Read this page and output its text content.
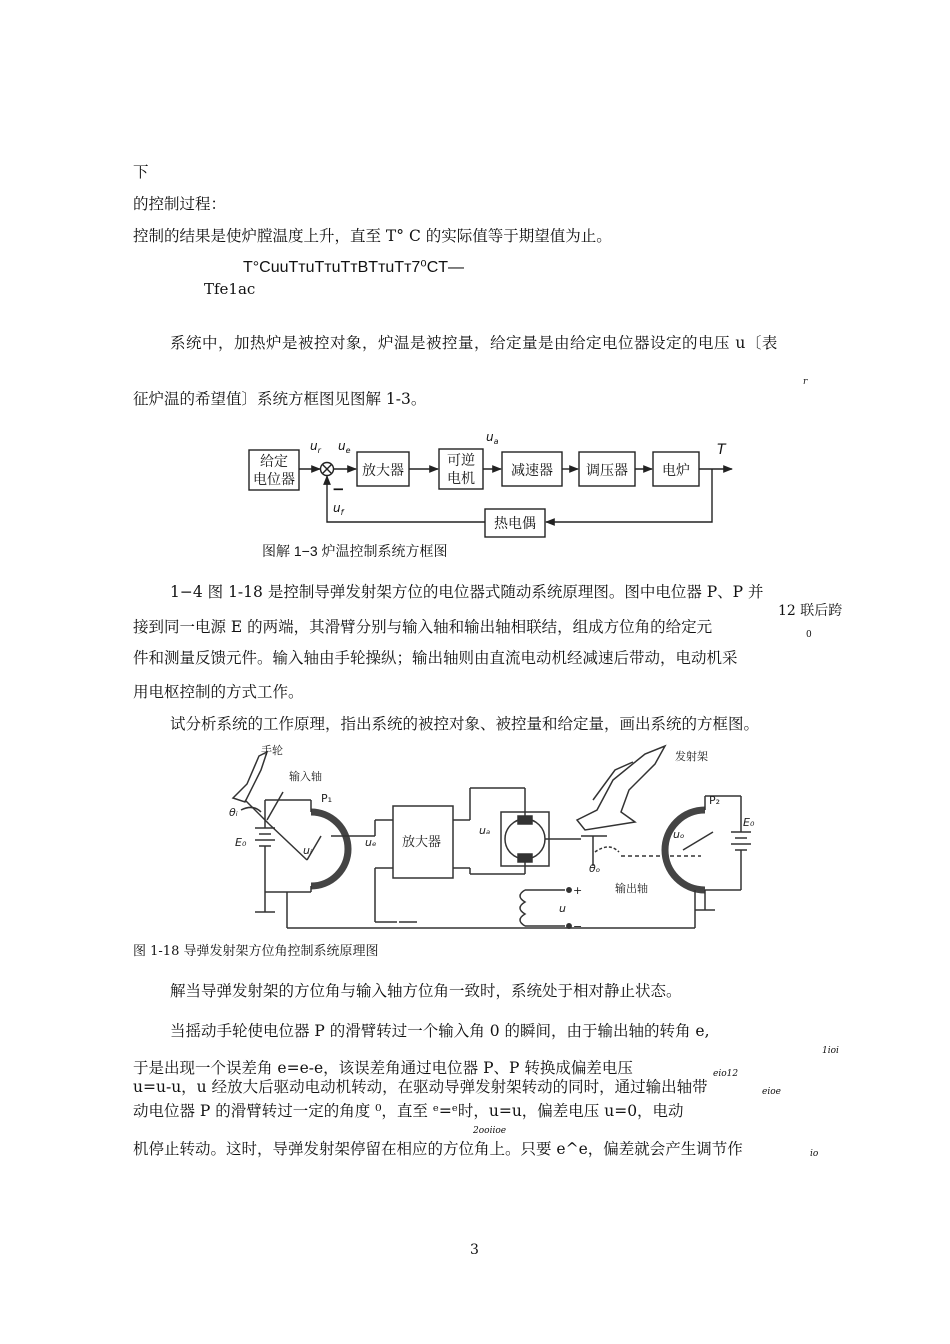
下
的控制过程：
控制的结果是使炉膛温度上升，直至 T° C 的实际值等于期望值为止。
T°CuuTтuTтuTтBTтuTт7⁰CT—
Tfe1ac
系统中，加热炉是被控对象，炉温是被控量，给定量是由给定电位器设定的电压 u〔表
r
征炉温的希望值〕系统方框图见图解 1-3。
给定
电位器
放大器
可逆
电机	减速器 调压器 电炉
热电偶
$u_r$ $u_e$
$u_a$
$u_f$
T
−
图解 1−3 炉温控制系统方框图
1−4 图 1-18 是控制导弹发射架方位的电位器式随动系统原理图。图中电位器 P、P 并
12 联后跨
接到同一电源 E 的两端，其滑臂分别与输入轴和输出轴相联结，组成方位角的给定元	0
件和测量反馈元件。输入轴由手轮操纵；输出轴则由直流电动机经减速后带动，电动机采
用电枢控制的方式工作。
试分析系统的工作原理，指出系统的被控对象、被控量和给定量，画出系统的方框图。
手轮
输入轴
θᵢ
P₁
E₀
uᵢ
uₑ 放大器
uₐ
发射架
P₂
uₒ
E₀
θₒ
输出轴
+
u
−
图 1-18 导弹发射架方位角控制系统原理图
解当导弹发射架的方位角与输入轴方位角一致时，系统处于相对静止状态。
当摇动手轮使电位器 P 的滑臂转过一个输入角 0 的瞬间，由于输出轴的转角 e,
1ioi
于是出现一个误差角 e=e-e，该误差角通过电位器 P、P 转换成偏差电压	eio12
u=u-u，u 经放大后驱动电动机转动，在驱动导弹发射架转动的同时，通过输出轴带	eioe
动电位器 P 的滑臂转过一定的角度 ⁰，直至 ᵉ=ᵉ时，u=u，偏差电压 u=0，电动
2ooiioe
机停止转动。这时，导弹发射架停留在相应的方位角上。只要 e^e，偏差就会产生调节作	io
3
